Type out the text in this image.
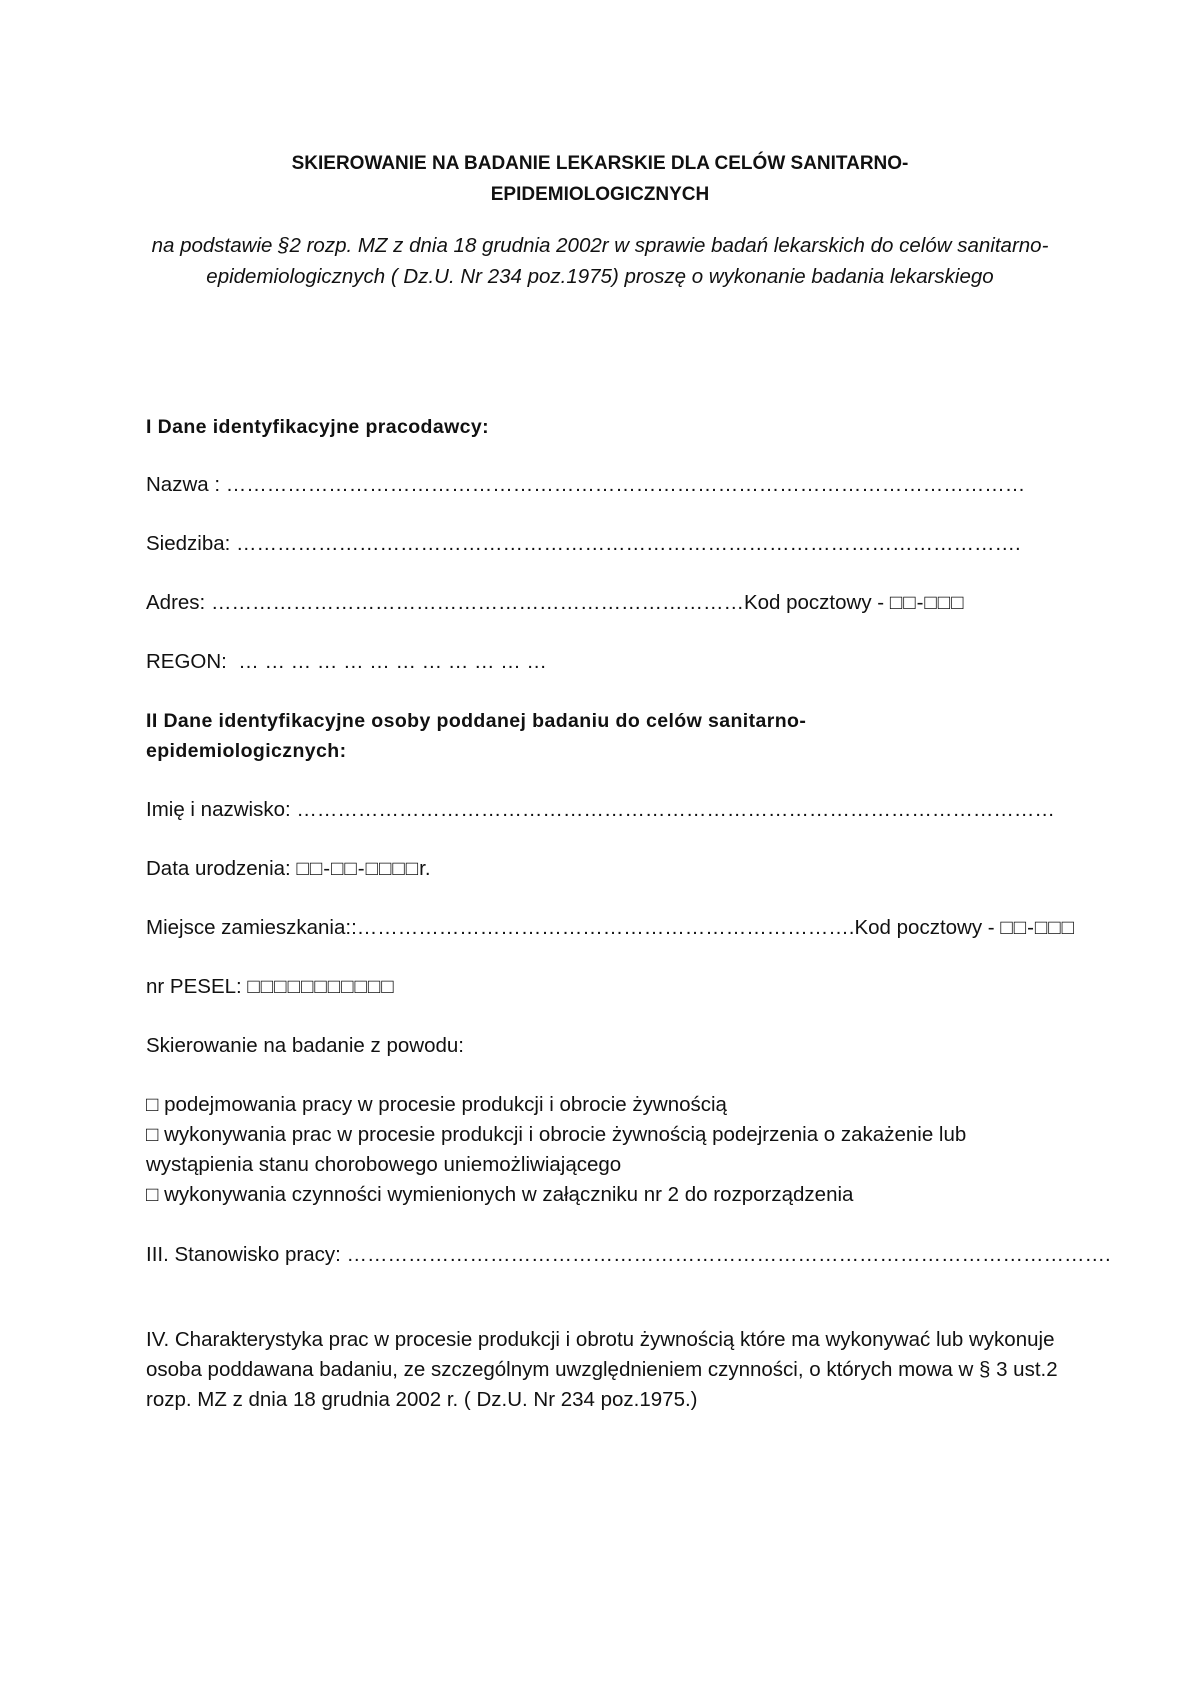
SKIEROWANIE NA BADANIE LEKARSKIE DLA CELÓW SANITARNO-
EPIDEMIOLOGICZNYCH
na podstawie §2 rozp. MZ z dnia 18 grudnia 2002r w sprawie badań lekarskich do celów sanitarno- epidemiologicznych ( Dz.U. Nr 234 poz.1975) proszę o wykonanie badania lekarskiego
I Dane identyfikacyjne pracodawcy:
Nazwa : ………………………………………………………………………………………………………
Siedziba: …………………………………………………………………………………………………….
Adres: ……………………………………………………………………Kod pocztowy - □□-□□□
REGON: … … … … … … … … … … … …
II Dane identyfikacyjne osoby poddanej badaniu do celów sanitarno-
epidemiologicznych:
Imię i nazwisko: …………………………………………………………………………………………………
Data urodzenia: □□-□□-□□□□r.
Miejsce zamieszkania::……………………………………………………………….Kod pocztowy - □□-□□□
nr PESEL: □□□□□□□□□□□
Skierowanie na badanie z powodu:
□ podejmowania pracy w procesie produkcji i obrocie żywnością
□ wykonywania prac w procesie produkcji i obrocie żywnością podejrzenia o zakażenie lub wystąpienia stanu chorobowego uniemożliwiającego
□ wykonywania czynności wymienionych w załączniku nr 2 do rozporządzenia
III. Stanowisko pracy: ………………………………………………………………………………………………….
IV. Charakterystyka prac w procesie produkcji i obrotu żywnością które ma wykonywać lub wykonuje osoba poddawana badaniu, ze szczególnym uwzględnieniem czynności, o których mowa w § 3 ust.2 rozp. MZ z dnia 18 grudnia 2002 r. ( Dz.U. Nr 234 poz.1975.)
